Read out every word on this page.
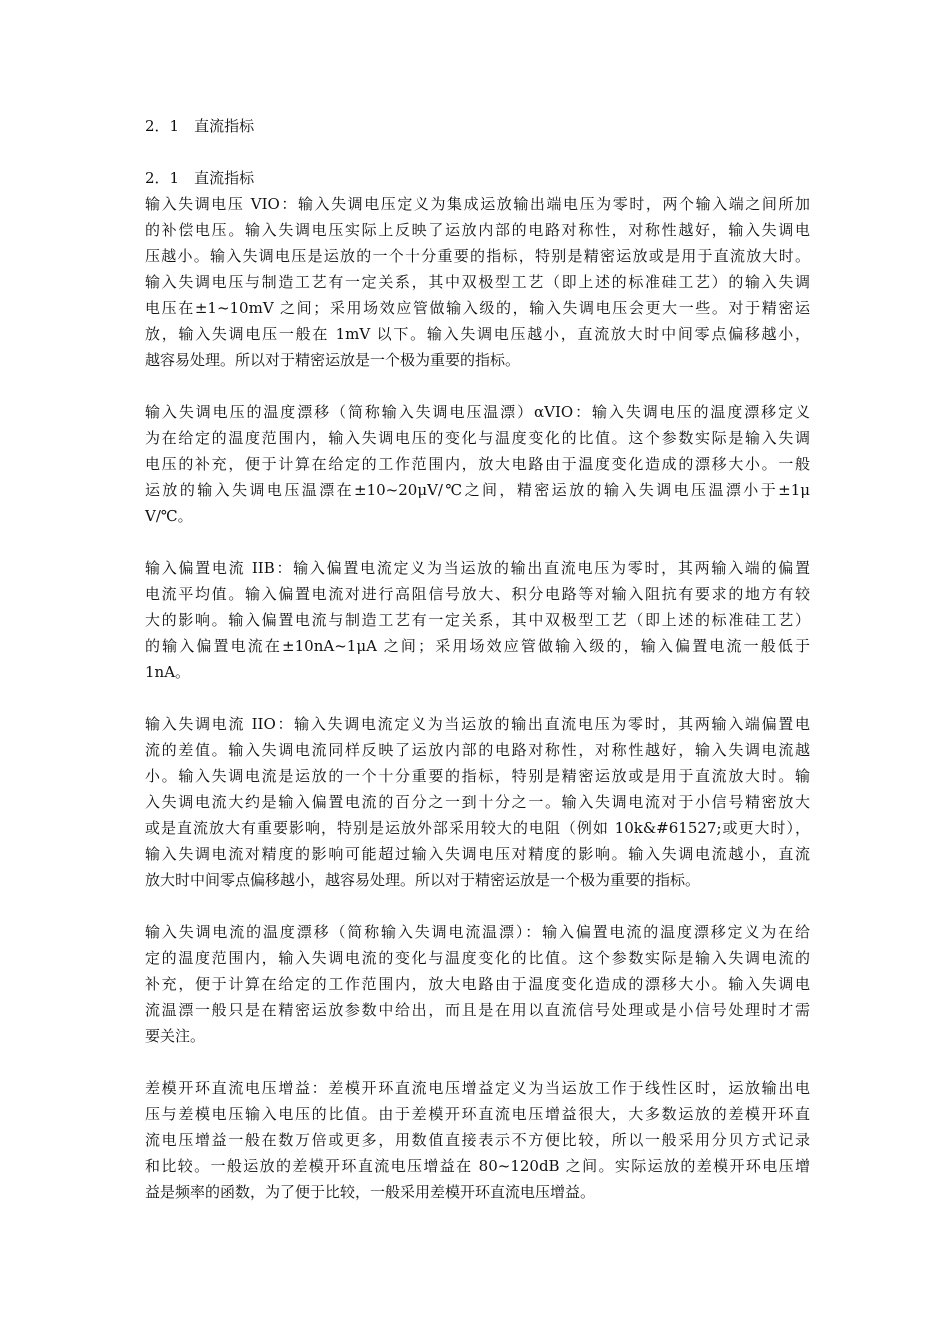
2．1　直流指标
2．1　直流指标
输入失调电压 VIO：输入失调电压定义为集成运放输出端电压为零时，两个输入端之间所加
的补偿电压。输入失调电压实际上反映了运放内部的电路对称性，对称性越好，输入失调电
压越小。输入失调电压是运放的一个十分重要的指标，特别是精密运放或是用于直流放大时。
输入失调电压与制造工艺有一定关系，其中双极型工艺（即上述的标准硅工艺）的输入失调
电压在±1~10mV 之间；采用场效应管做输入级的，输入失调电压会更大一些。对于精密运
放，输入失调电压一般在 1mV 以下。输入失调电压越小，直流放大时中间零点偏移越小，
越容易处理。所以对于精密运放是一个极为重要的指标。
输入失调电压的温度漂移（简称输入失调电压温漂）αVIO：输入失调电压的温度漂移定义
为在给定的温度范围内，输入失调电压的变化与温度变化的比值。这个参数实际是输入失调
电压的补充，便于计算在给定的工作范围内，放大电路由于温度变化造成的漂移大小。一般
运放的输入失调电压温漂在±10~20μV/℃之间，精密运放的输入失调电压温漂小于±1μ
V/℃。
输入偏置电流 IIB：输入偏置电流定义为当运放的输出直流电压为零时，其两输入端的偏置
电流平均值。输入偏置电流对进行高阻信号放大、积分电路等对输入阻抗有要求的地方有较
大的影响。输入偏置电流与制造工艺有一定关系，其中双极型工艺（即上述的标准硅工艺）
的输入偏置电流在±10nA~1μA 之间；采用场效应管做输入级的，输入偏置电流一般低于
1nA。
输入失调电流 IIO：输入失调电流定义为当运放的输出直流电压为零时，其两输入端偏置电
流的差值。输入失调电流同样反映了运放内部的电路对称性，对称性越好，输入失调电流越
小。输入失调电流是运放的一个十分重要的指标，特别是精密运放或是用于直流放大时。输
入失调电流大约是输入偏置电流的百分之一到十分之一。输入失调电流对于小信号精密放大
或是直流放大有重要影响，特别是运放外部采用较大的电阻（例如 10k&#61527;或更大时），
输入失调电流对精度的影响可能超过输入失调电压对精度的影响。输入失调电流越小，直流
放大时中间零点偏移越小，越容易处理。所以对于精密运放是一个极为重要的指标。
输入失调电流的温度漂移（简称输入失调电流温漂）：输入偏置电流的温度漂移定义为在给
定的温度范围内，输入失调电流的变化与温度变化的比值。这个参数实际是输入失调电流的
补充，便于计算在给定的工作范围内，放大电路由于温度变化造成的漂移大小。输入失调电
流温漂一般只是在精密运放参数中给出，而且是在用以直流信号处理或是小信号处理时才需
要关注。
差模开环直流电压增益：差模开环直流电压增益定义为当运放工作于线性区时，运放输出电
压与差模电压输入电压的比值。由于差模开环直流电压增益很大，大多数运放的差模开环直
流电压增益一般在数万倍或更多，用数值直接表示不方便比较，所以一般采用分贝方式记录
和比较。一般运放的差模开环直流电压增益在 80~120dB 之间。实际运放的差模开环电压增
益是频率的函数，为了便于比较，一般采用差模开环直流电压增益。
